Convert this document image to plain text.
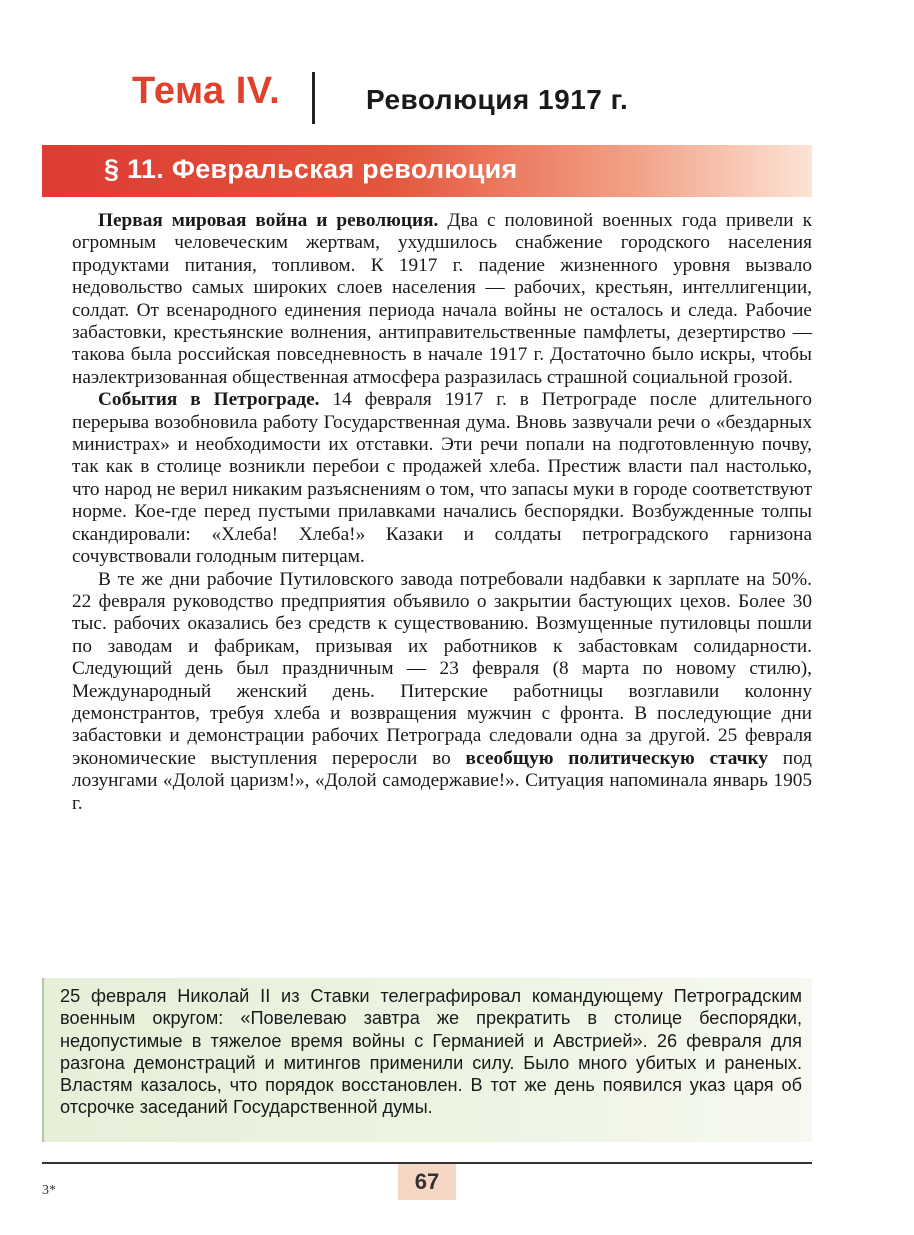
Тема IV.	Революция 1917 г.
§ 11. Февральская революция

Первая мировая война и революция. Два с половиной военных года привели к огромным человеческим жертвам, ухудшилось снабжение городского населения продуктами питания, топливом. К 1917 г. падение жизненного уровня вызвало недовольство самых широких слоев населения — рабочих, крестьян, интеллигенции, солдат. От всенародного единения периода начала войны не осталось и следа. Рабочие забастовки, крестьянские волнения, антиправительственные памфлеты, дезертирство — такова была российская повседневность в начале 1917 г. Достаточно было искры, чтобы наэлектризованная общественная атмосфера разразилась страшной социальной грозой.

События в Петрограде. 14 февраля 1917 г. в Петрограде после длительного перерыва возобновила работу Государственная дума. Вновь зазвучали речи о «бездарных министрах» и необходимости их отставки. Эти речи попали на подготовленную почву, так как в столице возникли перебои с продажей хлеба. Престиж власти пал настолько, что народ не верил никаким разъяснениям о том, что запасы муки в городе соответствуют норме. Кое-где перед пустыми прилавками начались беспорядки. Возбужденные толпы скандировали: «Хлеба! Хлеба!» Казаки и солдаты петроградского гарнизона сочувствовали голодным питерцам.

В те же дни рабочие Путиловского завода потребовали надбавки к зарплате на 50%. 22 февраля руководство предприятия объявило о закрытии бастующих цехов. Более 30 тыс. рабочих оказались без средств к существованию. Возмущенные путиловцы пошли по заводам и фабрикам, призывая их работников к забастовкам солидарности. Следующий день был праздничным — 23 февраля (8 марта по новому стилю), Международный женский день. Питерские работницы возглавили колонну демонстрантов, требуя хлеба и возвращения мужчин с фронта. В последующие дни забастовки и демонстрации рабочих Петрограда следовали одна за другой. 25 февраля экономические выступления переросли во всеобщую политическую стачку под лозунгами «Долой царизм!», «Долой самодержавие!». Ситуация напоминала январь 1905 г.

25 февраля Николай II из Ставки телеграфировал командующему Петроградским военным округом: «Повелеваю завтра же прекратить в столице беспорядки, недопустимые в тяжелое время войны с Германией и Австрией». 26 февраля для разгона демонстраций и митингов применили силу. Было много убитых и раненых. Властям казалось, что порядок восстановлен. В тот же день появился указ царя об отсрочке заседаний Государственной думы.
67
3*
